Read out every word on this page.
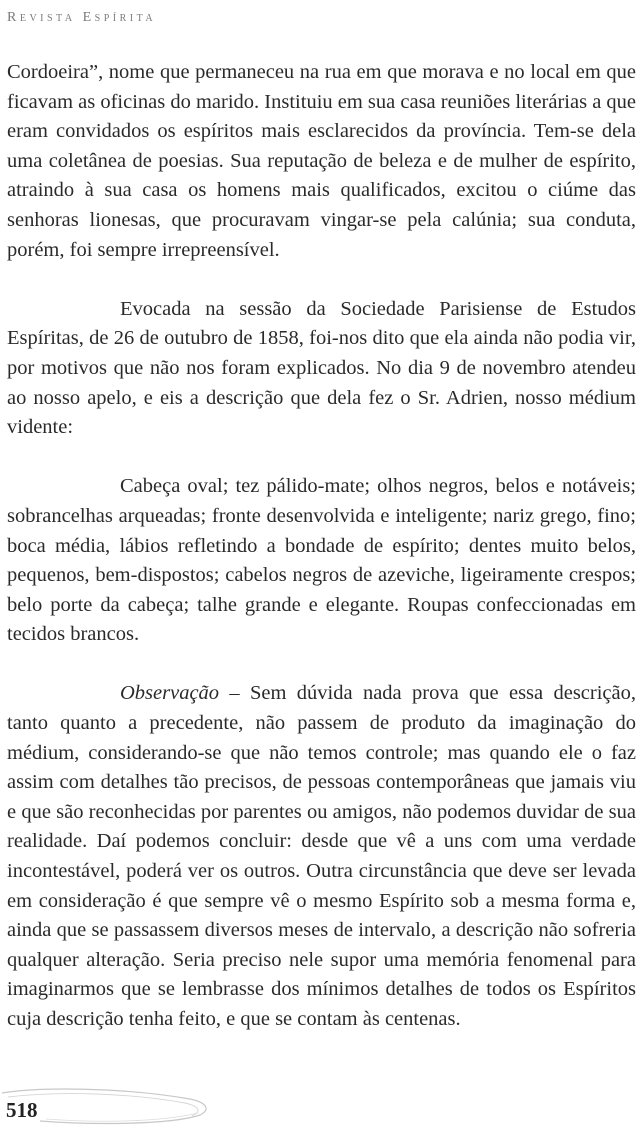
Revista Espírita

Cordoeira”, nome que permaneceu na rua em que morava e no local em que ficavam as oficinas do marido. Instituiu em sua casa reuniões literárias a que eram convidados os espíritos mais esclarecidos da província. Tem-se dela uma coletânea de poesias. Sua reputação de beleza e de mulher de espírito, atraindo à sua casa os homens mais qualificados, excitou o ciúme das senhoras lionesas, que procuravam vingar-se pela calúnia; sua conduta, porém, foi sempre irrepreensível.

Evocada na sessão da Sociedade Parisiense de Estudos Espíritas, de 26 de outubro de 1858, foi-nos dito que ela ainda não podia vir, por motivos que não nos foram explicados. No dia 9 de novembro atendeu ao nosso apelo, e eis a descrição que dela fez o Sr. Adrien, nosso médium vidente:

Cabeça oval; tez pálido-mate; olhos negros, belos e notáveis; sobrancelhas arqueadas; fronte desenvolvida e inteligente; nariz grego, fino; boca média, lábios refletindo a bondade de espírito; dentes muito belos, pequenos, bem-dispostos; cabelos negros de azeviche, ligeiramente crespos; belo porte da cabeça; talhe grande e elegante. Roupas confeccionadas em tecidos brancos.

Observação – Sem dúvida nada prova que essa descrição, tanto quanto a precedente, não passem de produto da imaginação do médium, considerando-se que não temos controle; mas quando ele o faz assim com detalhes tão precisos, de pessoas contemporâneas que jamais viu e que são reconhecidas por parentes ou amigos, não podemos duvidar de sua realidade. Daí podemos concluir: desde que vê a uns com uma verdade incontestável, poderá ver os outros. Outra circunstância que deve ser levada em consideração é que sempre vê o mesmo Espírito sob a mesma forma e, ainda que se passassem diversos meses de intervalo, a descrição não sofreria qualquer alteração. Seria preciso nele supor uma memória fenomenal para imaginarmos que se lembrasse dos mínimos detalhes de todos os Espíritos cuja descrição tenha feito, e que se contam às centenas.

518
